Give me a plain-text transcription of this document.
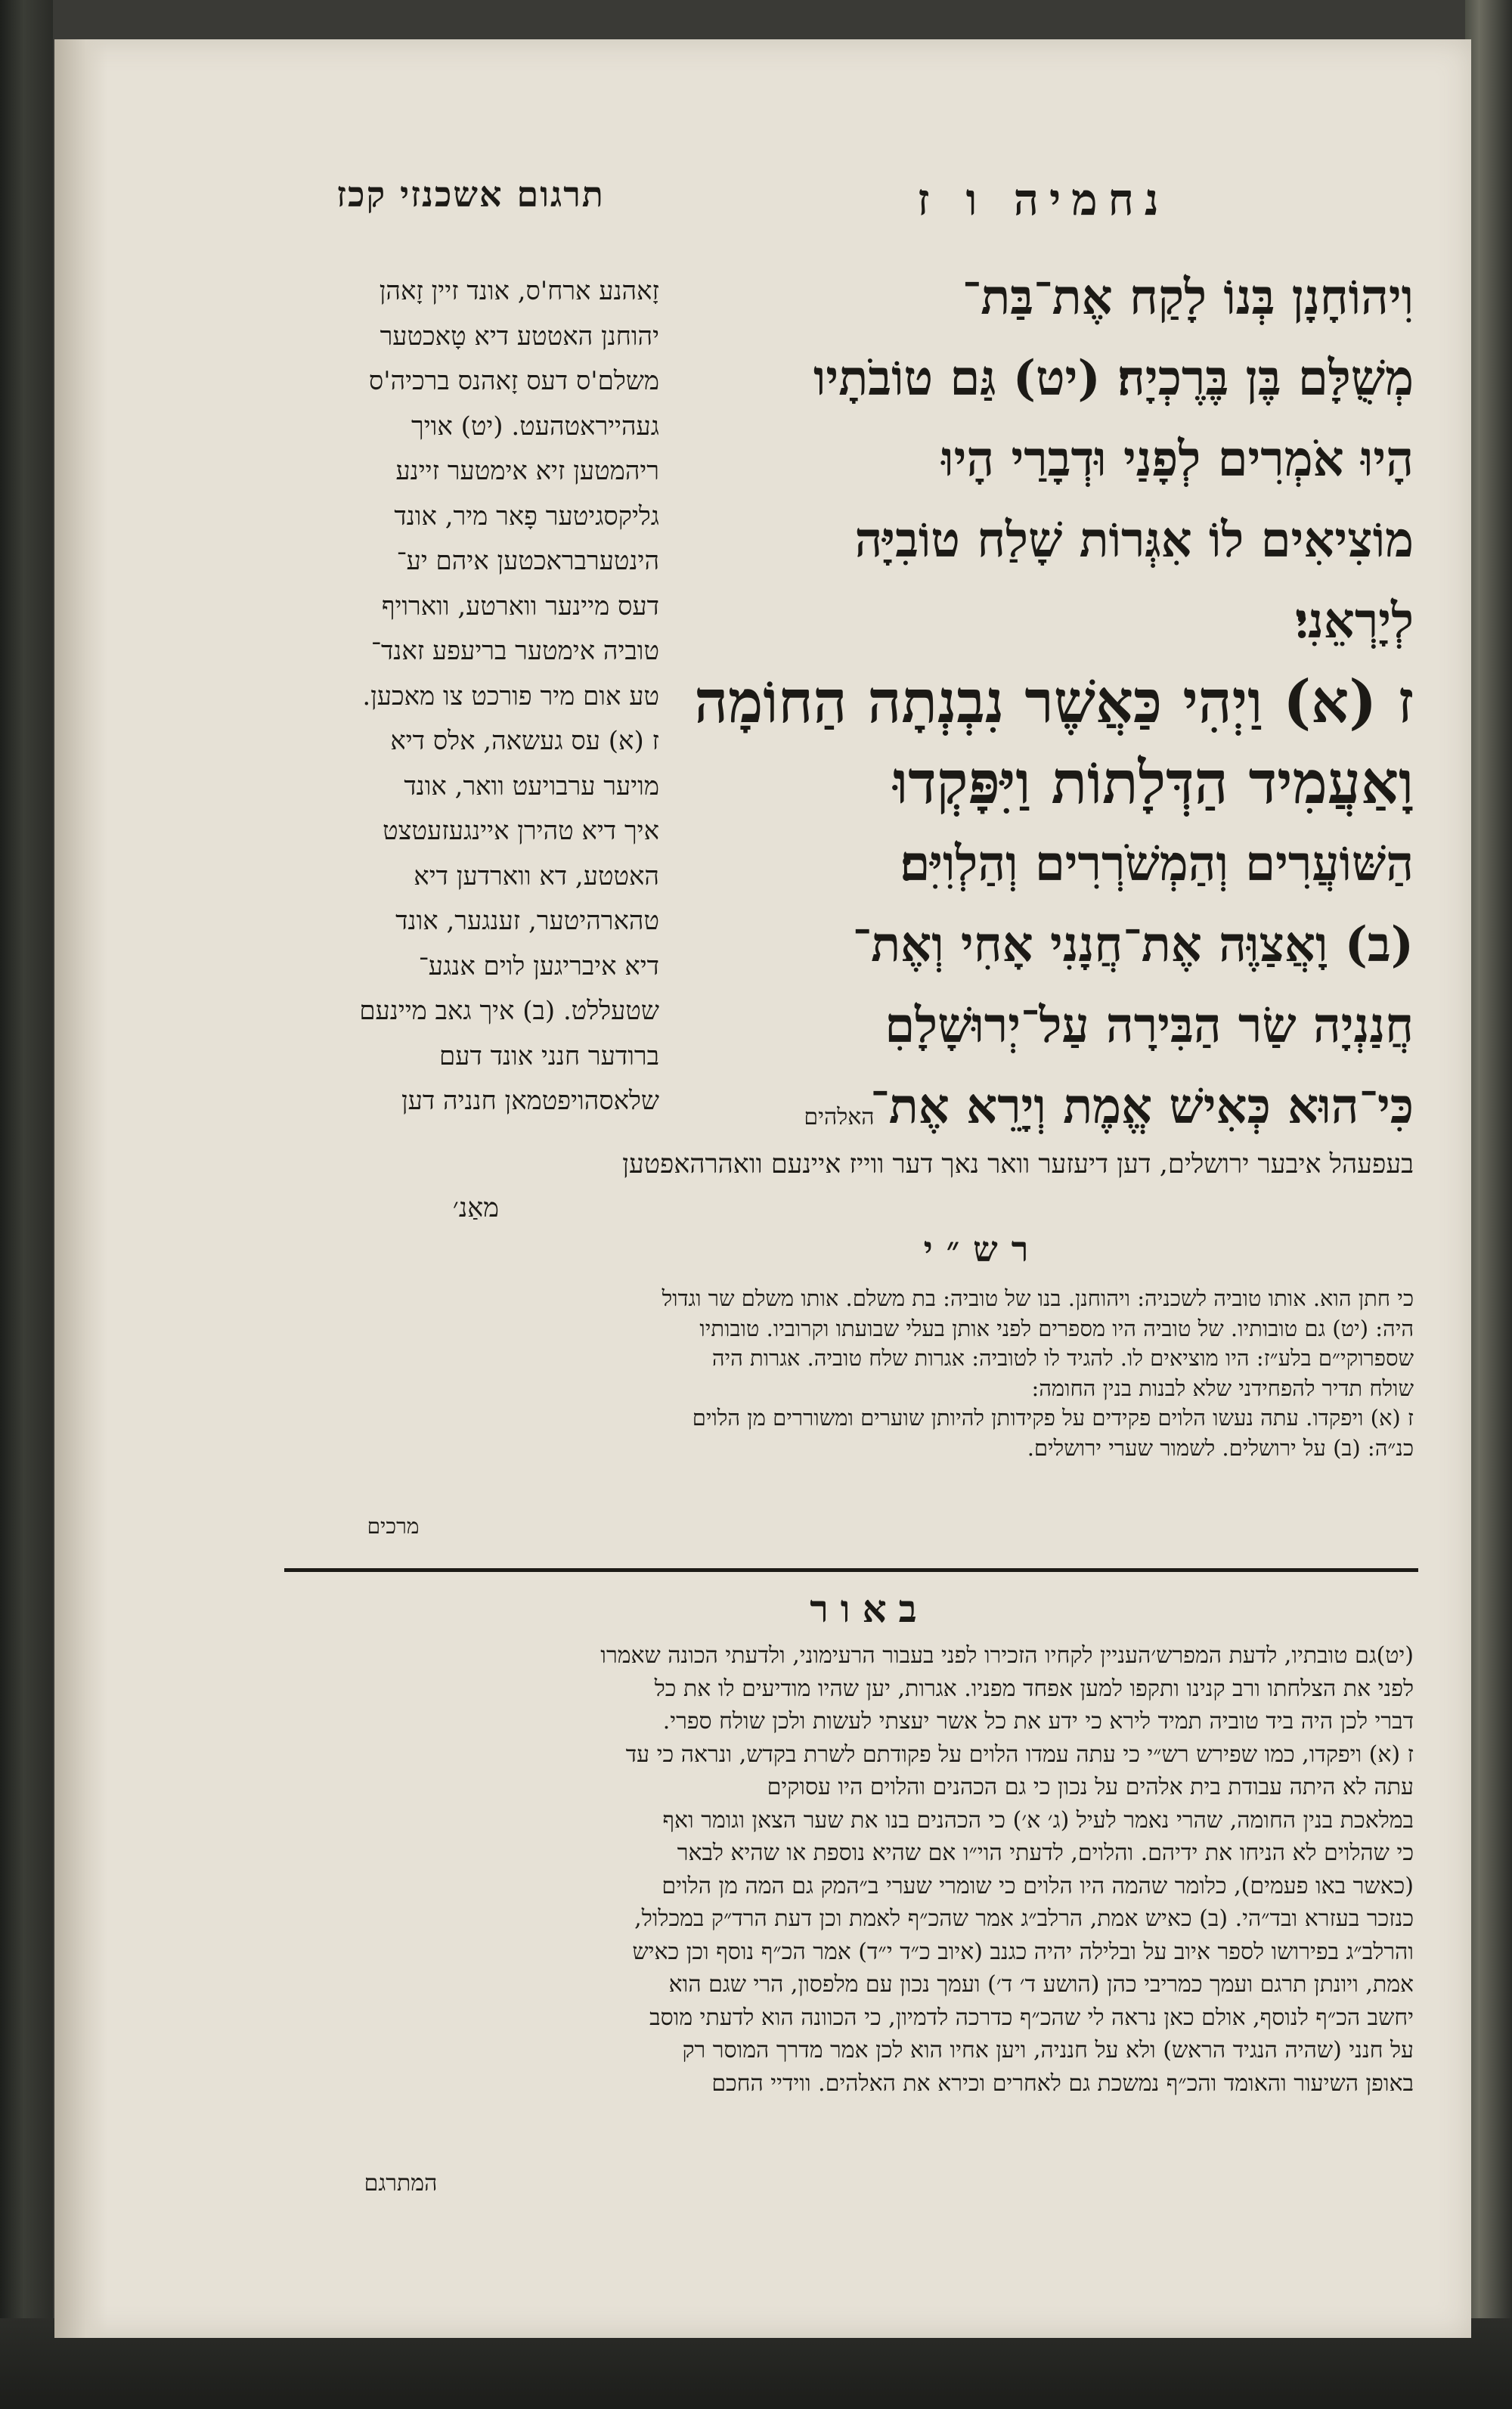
תרגום אשכנזי קכז	נחמיה ו ז
וִיהוֹחָנָן בְּנוֹ לָקַח אֶת־בַּת־
מְשֻׁלָּם בֶּן בֶּרֶכְיָה׃ (יט) גַּם טוֹבֹתָיו
הָיוּ אֹמְרִים לְפָנַי וּדְבָרַי הָיוּ
מוֹצִיאִים לוֹ אִגְּרוֹת שָׁלַח טוֹבִיָּה
לְיָרְאֵנִי׃
ז (א) וַיְהִי כַּאֲשֶׁר נִבְנְתָה הַחוֹמָה
וָאַעֲמִיד הַדְּלָתוֹת וַיִּפָּקְדוּ
הַשּׁוֹעֲרִים וְהַמְשֹׁרְרִים וְהַלְוִיִּם׃
(ב) וָאֲצַוֶּה אֶת־חֲנָנִי אָחִי וְאֶת־
חֲנַנְיָה שַׂר הַבִּירָה עַל־יְרוּשָׁלָםִ
כִּי־הוּא כְּאִישׁ אֱמֶת וְיָרֵא אֶת־
האלהים
זָאהנע ארח'ס, אונד זיין זָאהן
יהוחנן האטטע דיא טָאכטער
משלם'ס דעס זָאהנס ברכיה'ס
געהייראטהעט. (יט) אויך
ריהמטען זיא אימטער זיינע
גליקסגיטער פָאר מיר, אונד
הינטערבראכטען איהם יע־
דעס מיינער ווארטע, ווארויף
טוביה אימטער בריעפע זאנד־
טע אום מיר פורכט צו מאכען.
ז (א) עס געשאה, אלס דיא
מויער ערבויעט וואר, אונד
איך דיא טהירן איינגעזעטצט
האטטע, דא ווארדען דיא
טהארהיטער, זענגער, אונד
דיא איבריגען לוים אנגע־
שטעללט. (ב) איך גאב מיינעם
ברודער חנני אונד דעם
שלאסהויפטמאן חנניה דען
בעפעהל איבער ירושלים, דען דיעזער וואר נאך דער ווייז איינעם וואהרהאפטען
מאַנ׳
רש״י
כי חתן הוא. אותו טוביה לשכניה: ויהוחנן. בנו של טוביה: בת משלם. אותו משלם שר וגדול
היה: (יט) גם טובותיו. של טוביה היו מספרים לפני אותן בעלי שבועתו וקרוביו. טובותיו
שספרוקי״ם בלע״ז: היו מוציאים לו. להגיד לו לטוביה: אגרות שלח טוביה. אגרות היה
שולח תדיר להפחידני שלא לבנות בנין החומה:
ז (א) ויפקדו. עתה נעשו הלוים פקידים על פקידותן להיותן שוערים ומשוררים מן הלוים
כנ״ה: (ב) על ירושלים. לשמור שערי ירושלים.
מרכים
באור
(יט)גם טובתיו, לדעת המפרש׳העניין לקחיו הזכירו לפני בעבור הרעימוני, ולדעתי הכונה שאמרו
לפני את הצלחתו ורב קנינו ותקפו למען אפחד מפניו. אגרות, יען שהיו מודיעים לו את כל
דברי לכן היה ביד טוביה תמיד לירא כי ידע את כל אשר יעצתי לעשות ולכן שולח ספרי.
ז (א) ויפקדו, כמו שפירש רש״י כי עתה עמדו הלוים על פקודתם לשרת בקדש, ונראה כי עד
עתה לא היתה עבודת בית אלהים על נכון כי גם הכהנים והלוים היו עסוקים
במלאכת בנין החומה, שהרי נאמר לעיל (ג׳ א׳) כי הכהנים בנו את שער הצאן וגומר ואף
כי שהלוים לא הניחו את ידיהם. והלוים, לדעתי הוי״ו אם שהיא נוספת או שהיא לבאר
(כאשר באו פעמים), כלומר שהמה היו הלוים כי שומרי שערי ב״המק גם המה מן הלוים
כנזכר בעזרא ובד״הי. (ב) כאיש אמת, הרלב״ג אמר שהכ״ף לאמת וכן דעת הרד״ק במכלול,
והרלב״ג בפירושו לספר איוב על ובלילה יהיה כגנב (איוב כ״ד י״ד) אמר הכ״ף נוסף וכן כאיש
אמת, ויונתן תרגם ועמך כמריבי כהן (הושע ד׳ ד׳) ועמך נכון עם מלפסון, הרי שגם הוא
יחשב הכ״ף לנוסף, אולם כאן נראה לי שהכ״ף כדרכה לדמיון, כי הכוונה הוא לדעתי מוסב
על חנני (שהיה הנגיד הראש) ולא על חנניה, ויען אחיו הוא לכן אמר מדרך המוסר רק
באופן השיעור והאומד והכ״ף נמשכת גם לאחרים וכירא את האלהים. ווידיי החכם
המתרגם
